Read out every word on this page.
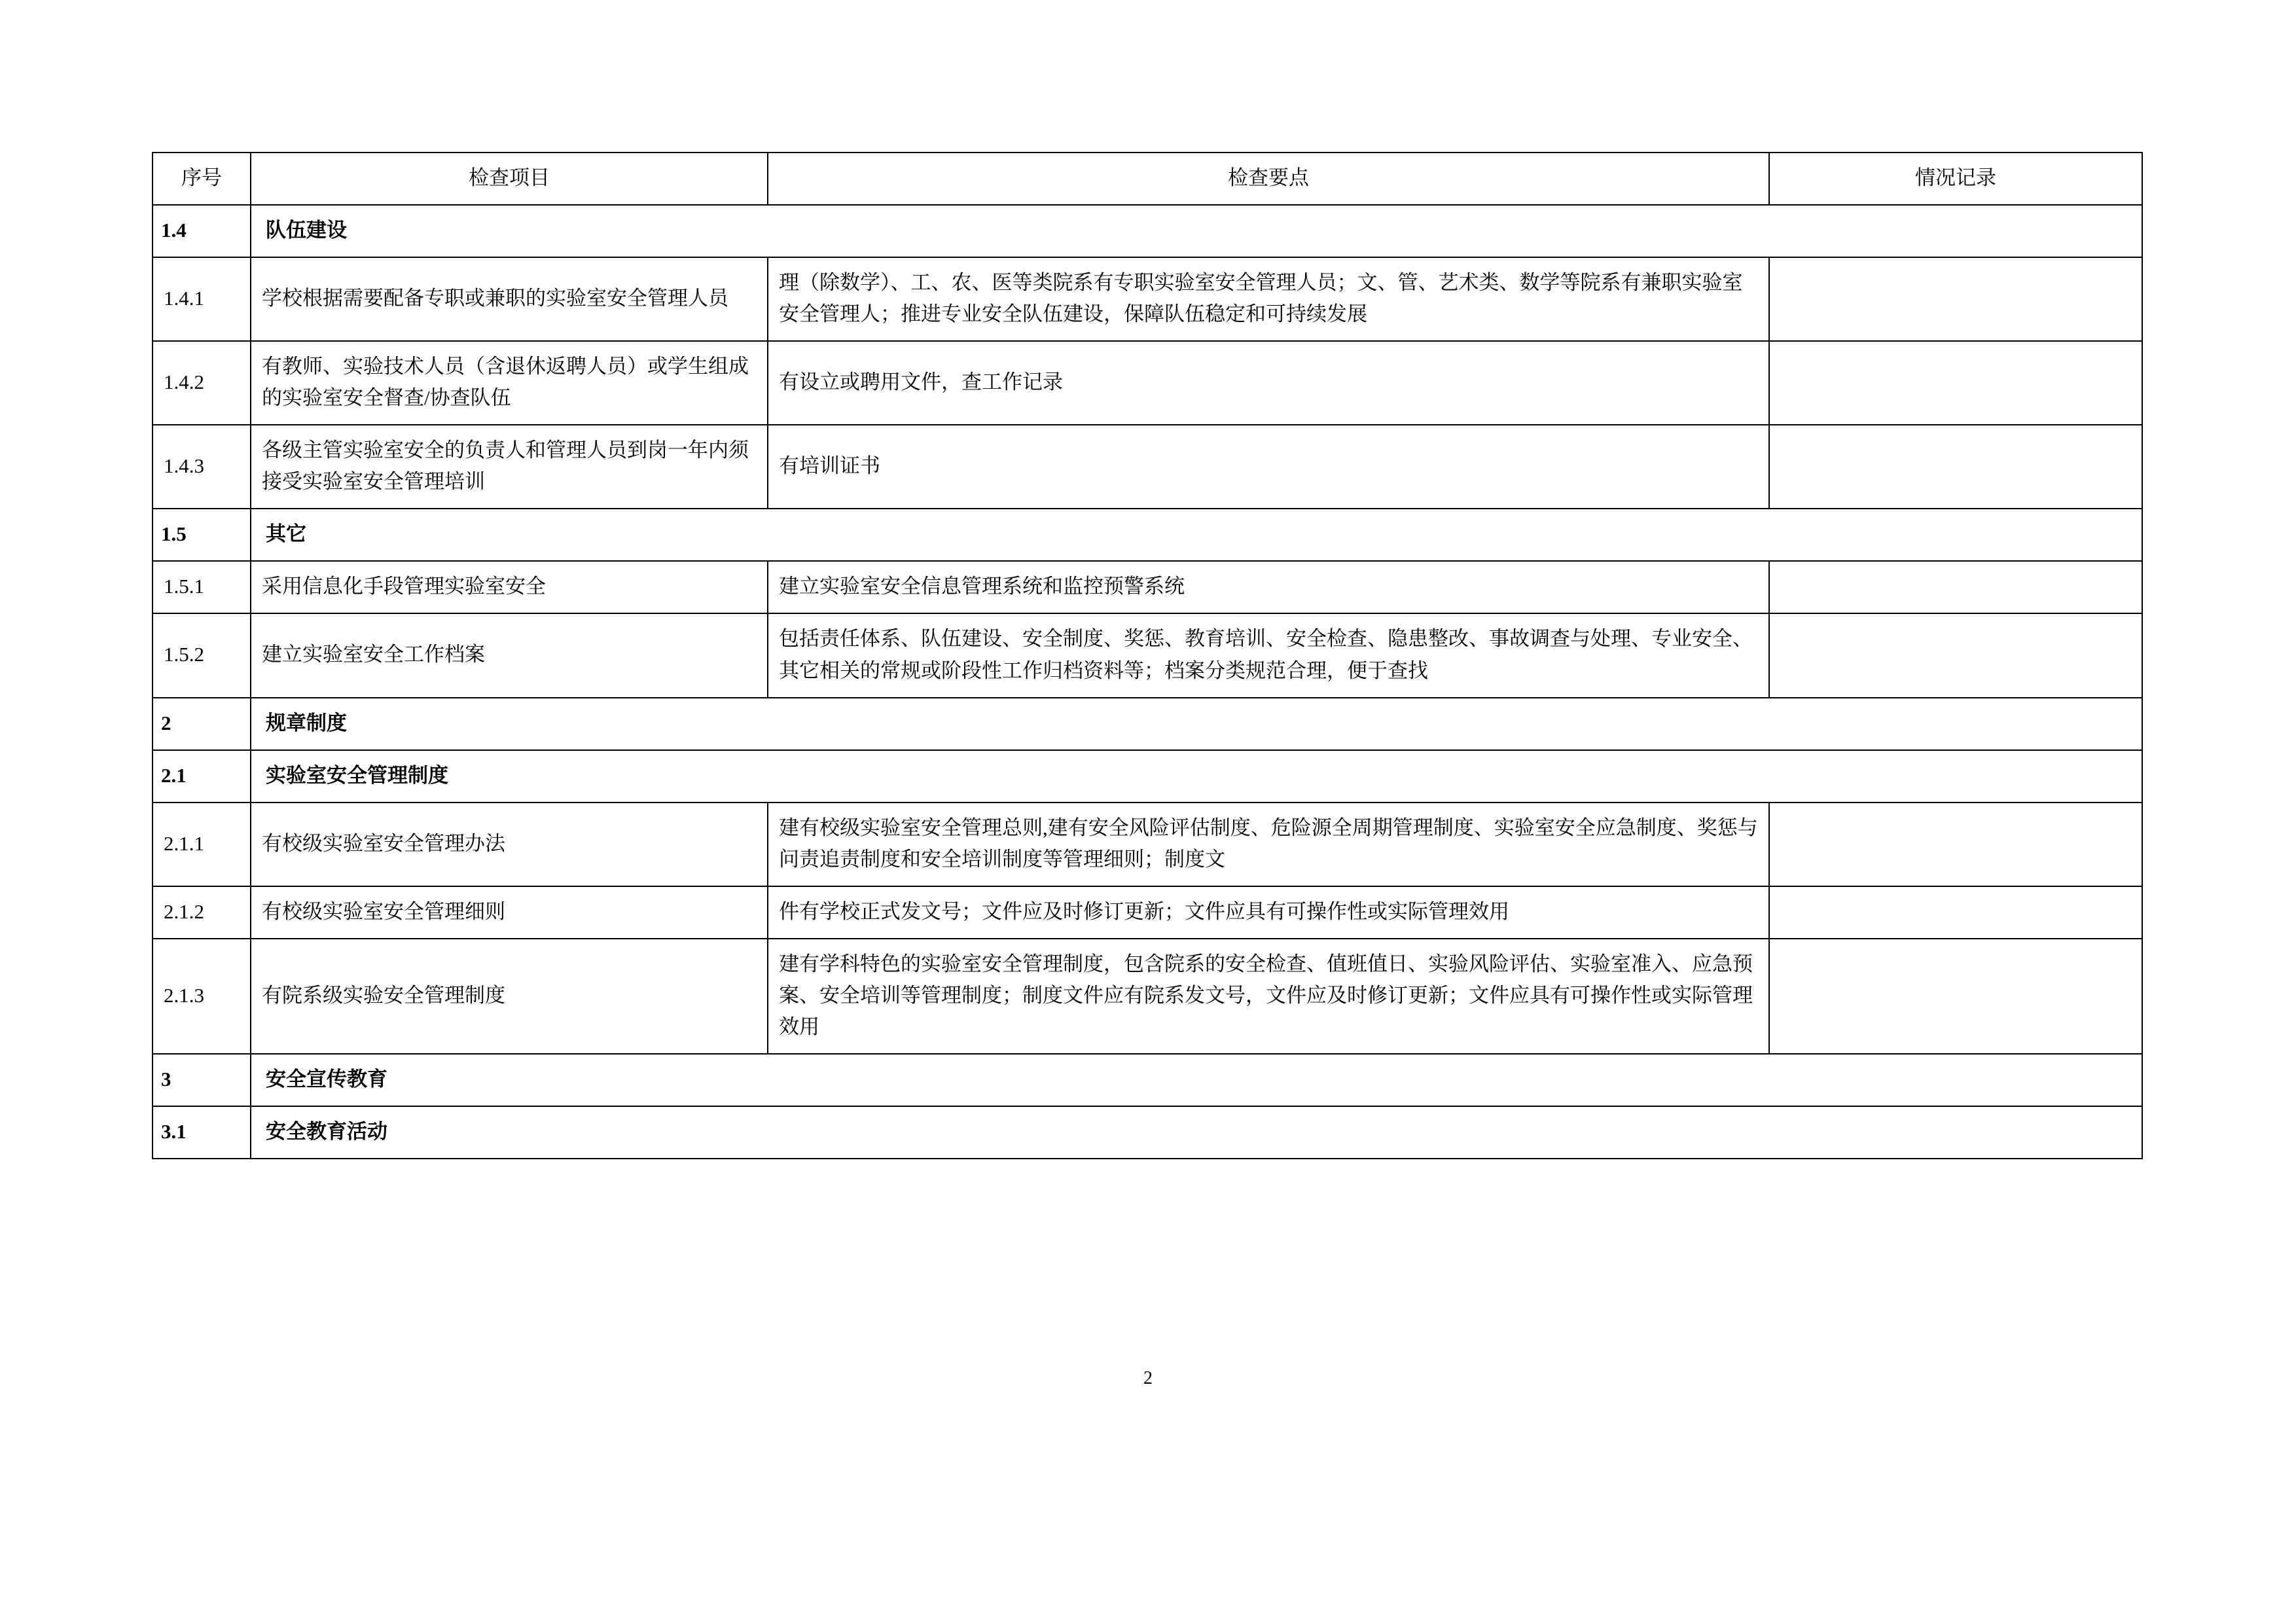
序号	检查项目	检查要点	情况记录
1.4	队伍建设		
1.4.1	学校根据需要配备专职或兼职的实验室安全管理人员	理（除数学）、工、农、医等类院系有专职实验室安全管理人员；文、管、艺术类、数学等院系有兼职实验室安全管理人；推进专业安全队伍建设，保障队伍稳定和可持续发展	
1.4.2	有教师、实验技术人员（含退休返聘人员）或学生组成的实验室安全督查/协查队伍	有设立或聘用文件，查工作记录	
1.4.3	各级主管实验室安全的负责人和管理人员到岗一年内须接受实验室安全管理培训	有培训证书	
1.5	其它		
1.5.1	采用信息化手段管理实验室安全	建立实验室安全信息管理系统和监控预警系统	
1.5.2	建立实验室安全工作档案	包括责任体系、队伍建设、安全制度、奖惩、教育培训、安全检查、隐患整改、事故调查与处理、专业安全、其它相关的常规或阶段性工作归档资料等；档案分类规范合理，便于查找	
2	规章制度		
2.1	实验室安全管理制度		
2.1.1	有校级实验室安全管理办法	建有校级实验室安全管理总则,建有安全风险评估制度、危险源全周期管理制度、实验室安全应急制度、奖惩与问责追责制度和安全培训制度等管理细则；制度文	
2.1.2	有校级实验室安全管理细则	件有学校正式发文号；文件应及时修订更新；文件应具有可操作性或实际管理效用	
2.1.3	有院系级实验安全管理制度	建有学科特色的实验室安全管理制度，包含院系的安全检查、值班值日、实验风险评估、实验室准入、应急预案、安全培训等管理制度；制度文件应有院系发文号，文件应及时修订更新；文件应具有可操作性或实际管理效用	
3	安全宣传教育		
3.1	安全教育活动		
2
